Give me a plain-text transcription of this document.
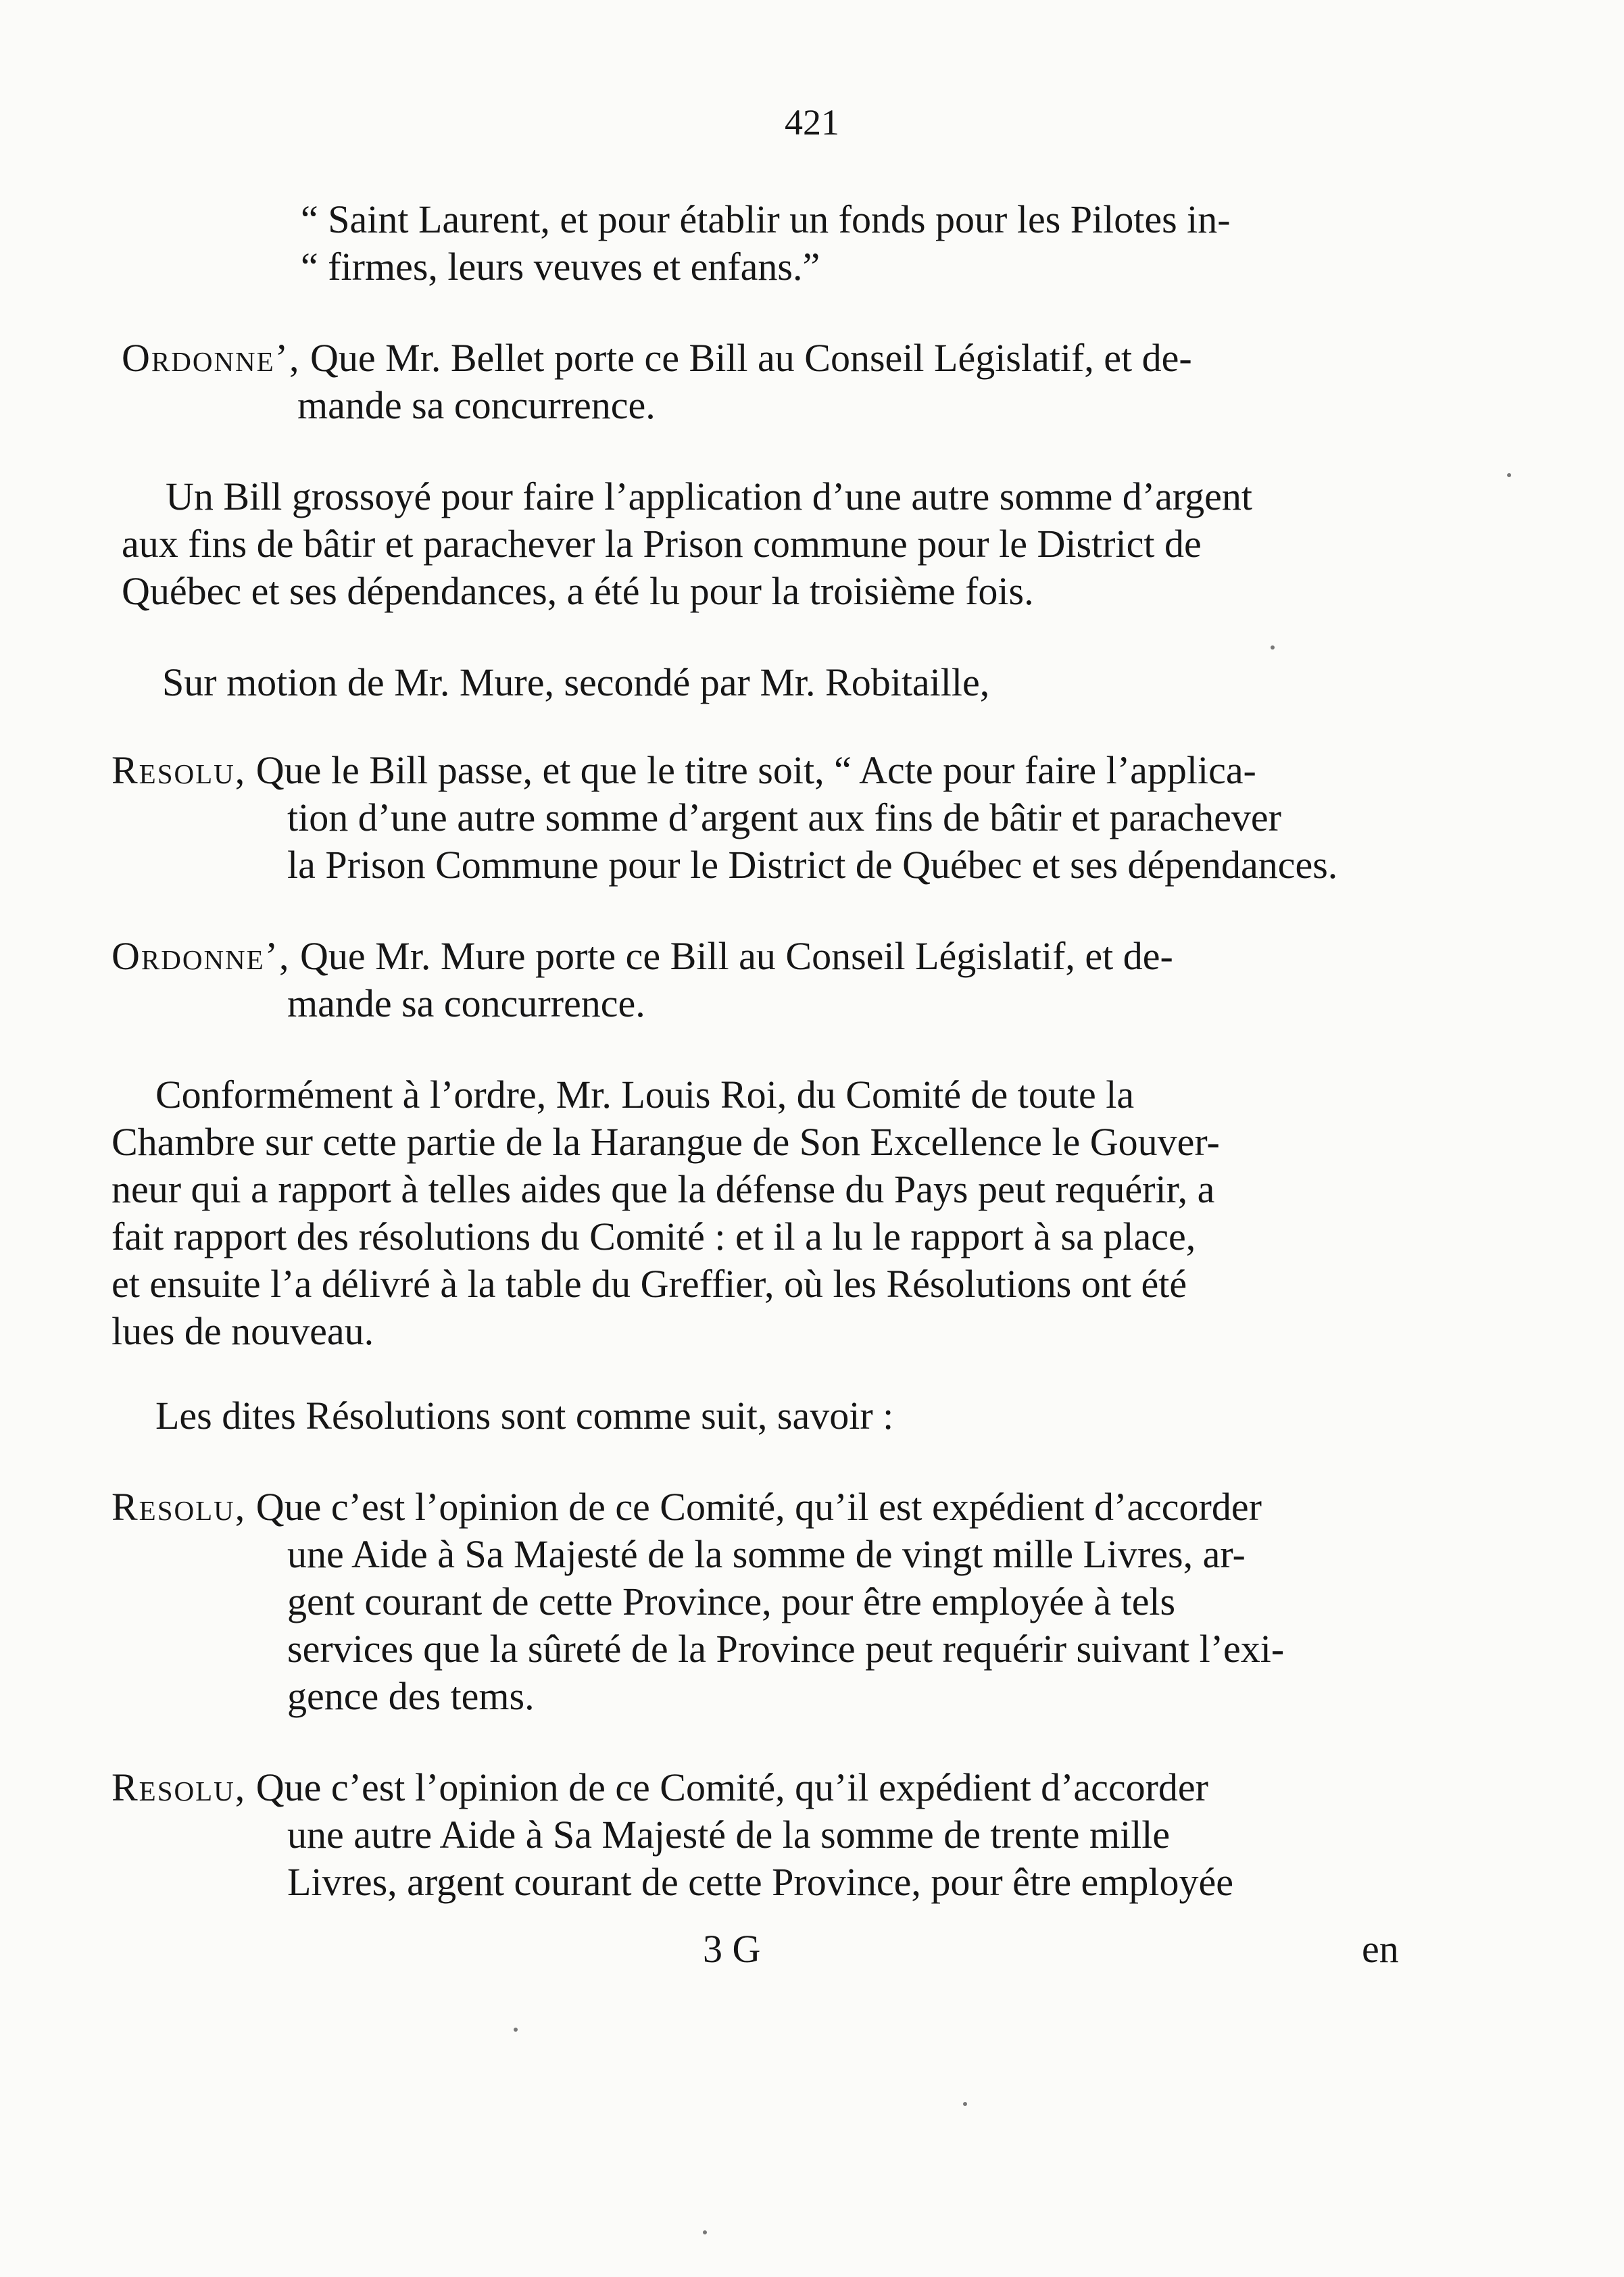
421
“ Saint Laurent, et pour établir un fonds pour les Pilotes in-
“ firmes, leurs veuves et enfans.”
Ordonne’, Que Mr. Bellet porte ce Bill au Conseil Législatif, et de-
mande sa concurrence.
Un Bill grossoyé pour faire l’application d’une autre somme d’argent
aux fins de bâtir et parachever la Prison commune pour le District de
Québec et ses dépendances, a été lu pour la troisième fois.
Sur motion de Mr. Mure, secondé par Mr. Robitaille,
Resolu, Que le Bill passe, et que le titre soit, “ Acte pour faire l’applica-
tion d’une autre somme d’argent aux fins de bâtir et parachever
la Prison Commune pour le District de Québec et ses dépendances.
Ordonne’, Que Mr. Mure porte ce Bill au Conseil Législatif, et de-
mande sa concurrence.
Conformément à l’ordre, Mr. Louis Roi, du Comité de toute la
Chambre sur cette partie de la Harangue de Son Excellence le Gouver-
neur qui a rapport à telles aides que la défense du Pays peut requérir, a
fait rapport des résolutions du Comité : et il a lu le rapport à sa place,
et ensuite l’a délivré à la table du Greffier, où les Résolutions ont été
lues de nouveau.
Les dites Résolutions sont comme suit, savoir :
Resolu, Que c’est l’opinion de ce Comité, qu’il est expédient d’accorder
une Aide à Sa Majesté de la somme de vingt mille Livres, ar-
gent courant de cette Province, pour être employée à tels
services que la sûreté de la Province peut requérir suivant l’exi-
gence des tems.
Resolu, Que c’est l’opinion de ce Comité, qu’il expédient d’accorder
une autre Aide à Sa Majesté de la somme de trente mille
Livres, argent courant de cette Province, pour être employée
3 G	en
